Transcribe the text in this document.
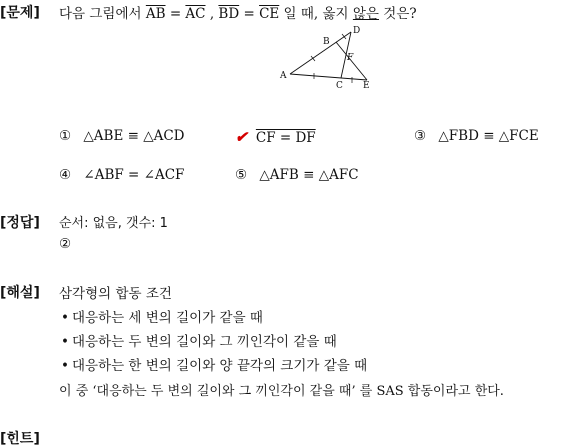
[문제] 다음 그림에서 $\overline{AB} = \overline{AC}$ , $\overline{BD} = \overline{CE}$ 일 때, 옳지 않은 것은?
A
B
C
D
E
F
① △ABE ≡ △ACD	✔ CF = DF	③ △FBD ≡ △FCE
④ ∠ABF = ∠ACF	⑤ △AFB ≡ △AFC
[정답] 순서: 없음, 갯수: 1
②
[해설] 삼각형의 합동 조건
• 대응하는 세 변의 길이가 같을 때
• 대응하는 두 변의 길이와 그 끼인각이 같을 때
• 대응하는 한 변의 길이와 양 끝각의 크기가 같을 때
이 중 ‘대응하는 두 변의 길이와 그 끼인각이 같을 때’ 를 SAS 합동이라고 한다.
[힌트]
